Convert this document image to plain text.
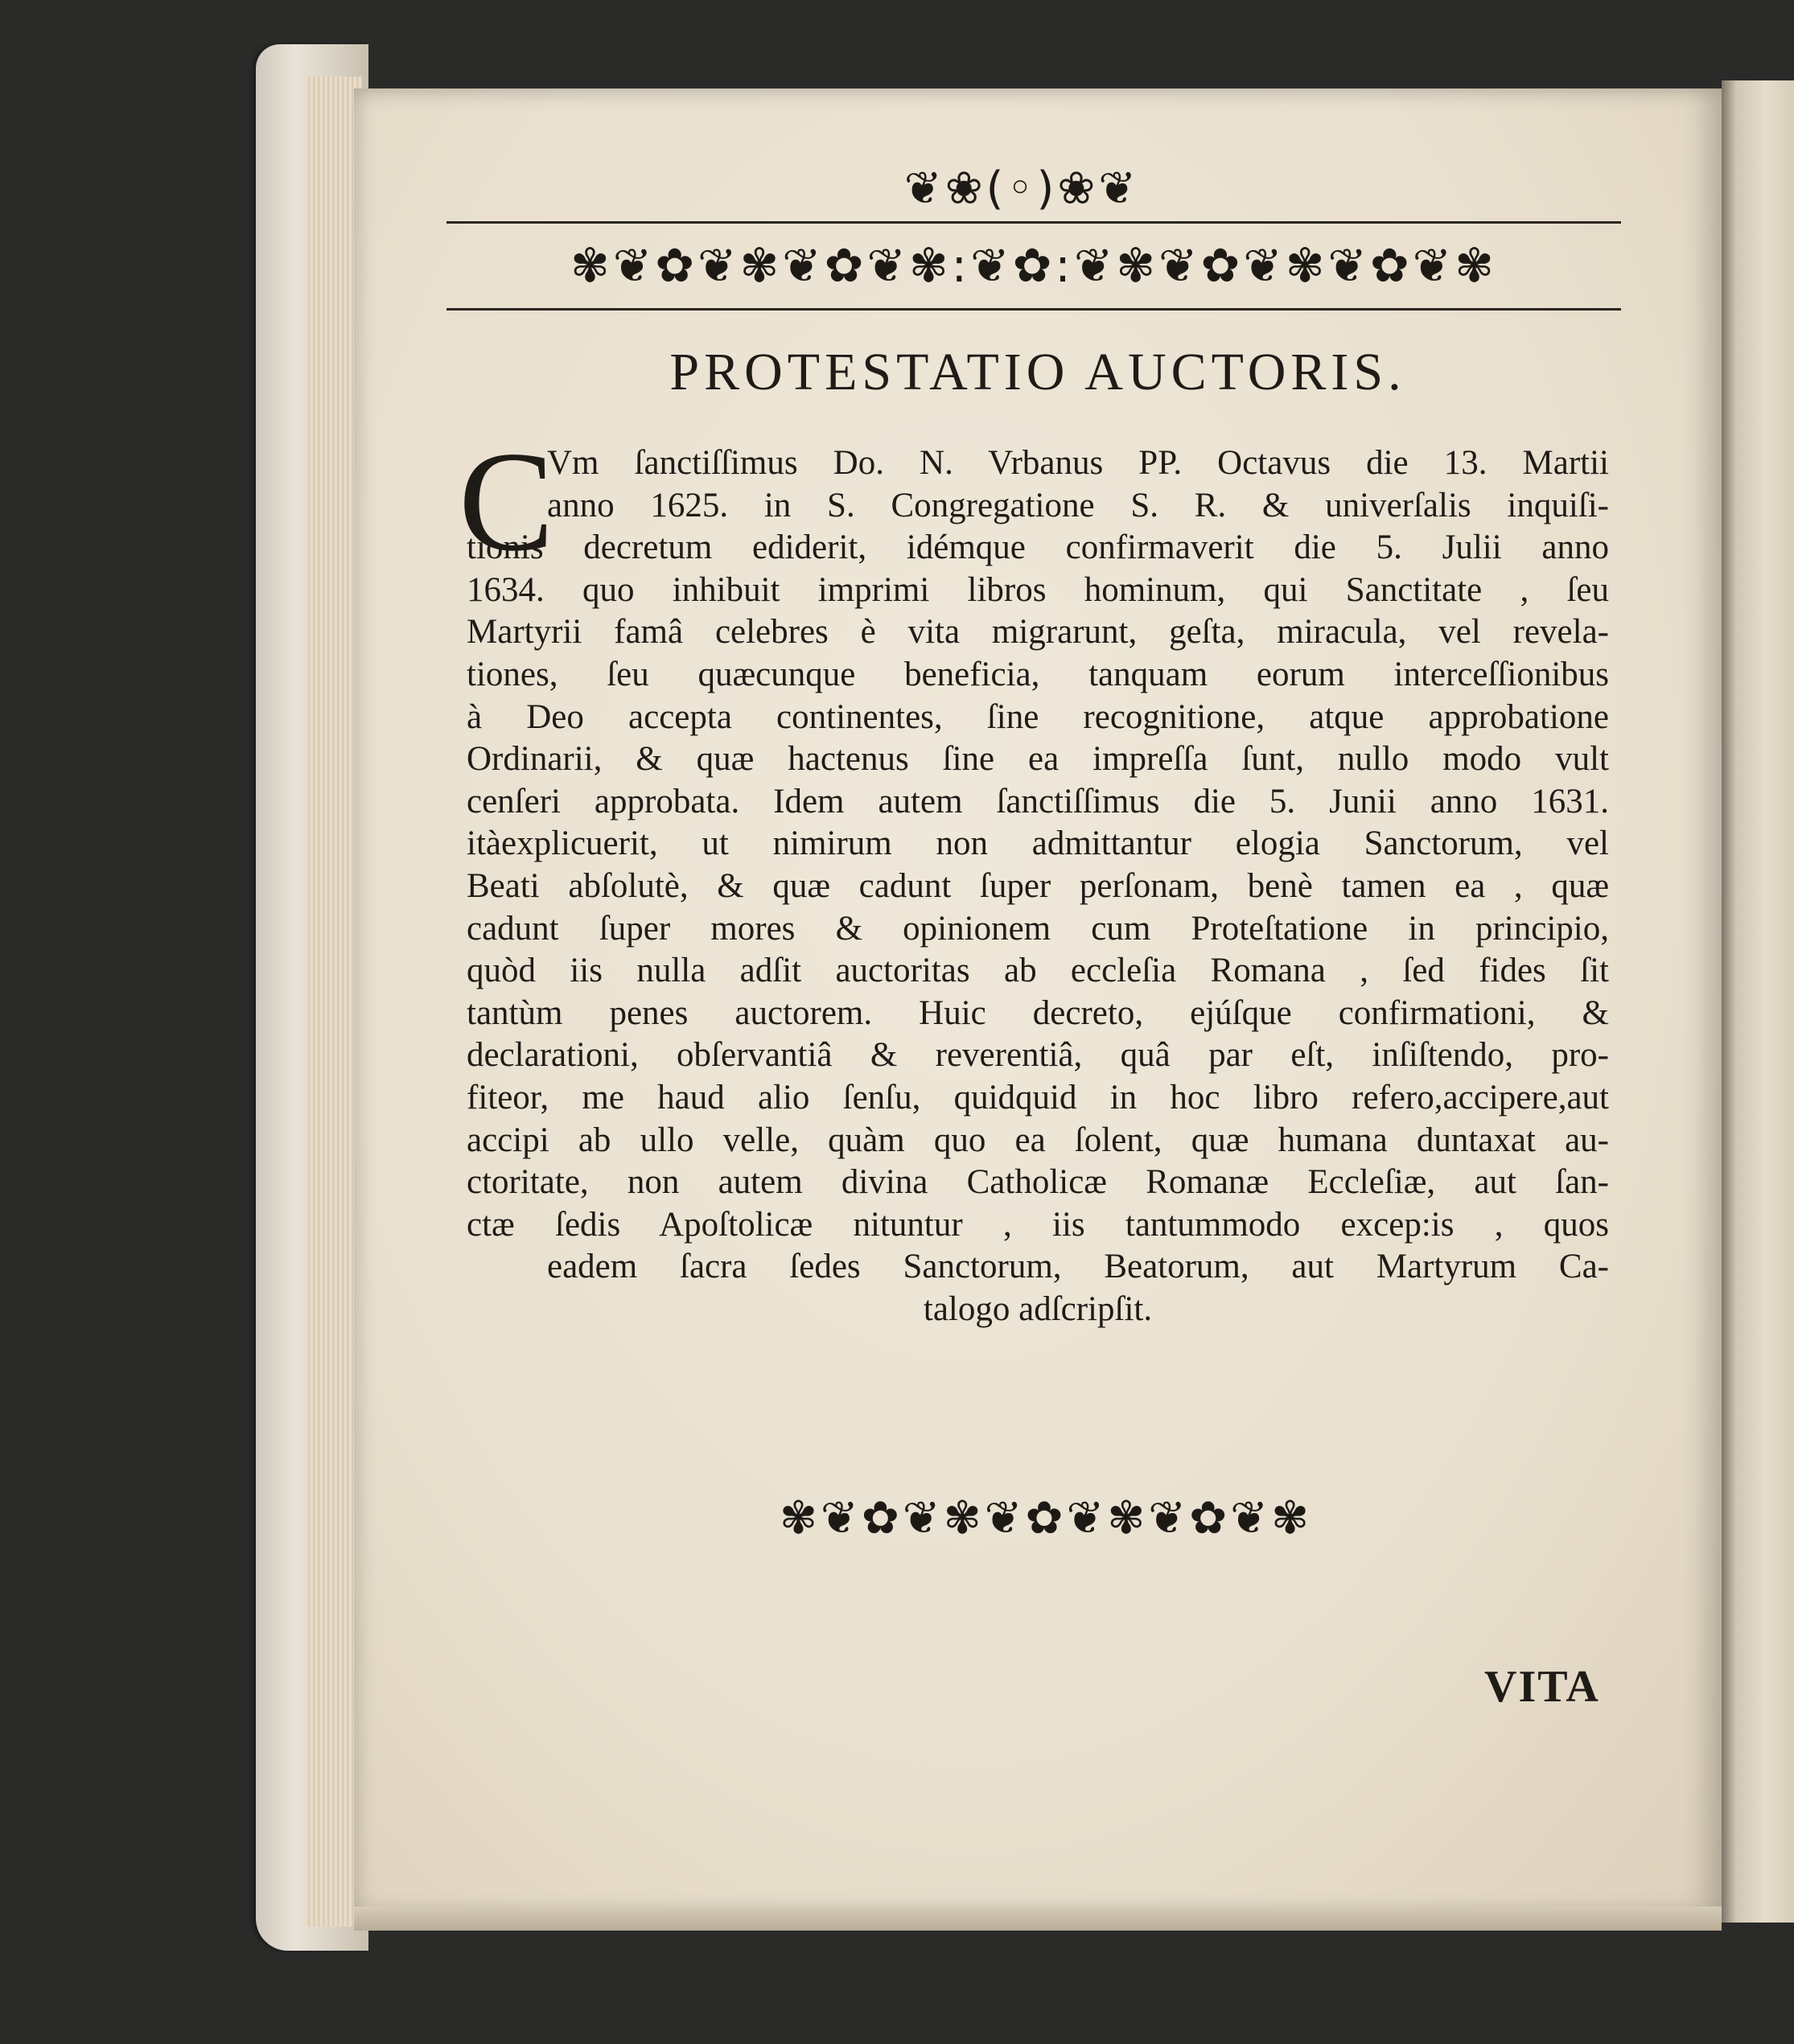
❦❀(◦)❀❦
✾❦✿❦✾❦✿❦✾:❦✿:❦✾❦✿❦✾❦✿❦✾
PROTESTATIO AUCTORIS.
C
Vm ſanctiſſimus Do. N. Vrbanus PP. Octavus die 13. Martii
anno 1625. in S. Congregatione S. R. & univerſalis inquiſi-
tionis decretum ediderit, idémque confirmaverit die 5. Julii anno
1634. quo inhibuit imprimi libros hominum, qui Sanctitate , ſeu
Martyrii famâ celebres è vita migrarunt, geſta, miracula, vel revela-
tiones, ſeu quæcunque beneficia, tanquam eorum interceſſionibus
à Deo accepta continentes, ſine recognitione, atque approbatione
Ordinarii, & quæ hactenus ſine ea impreſſa ſunt, nullo modo vult
cenſeri approbata. Idem autem ſanctiſſimus die 5. Junii anno 1631.
itàexplicuerit, ut nimirum non admittantur elogia Sanctorum, vel
Beati abſolutè, & quæ cadunt ſuper perſonam, benè tamen ea , quæ
cadunt ſuper mores & opinionem cum Proteſtatione in principio,
quòd iis nulla adſit auctoritas ab eccleſia Romana , ſed fides ſit
tantùm penes auctorem. Huic decreto, ejúſque confirmationi, &
declarationi, obſervantiâ & reverentiâ, quâ par eſt, inſiſtendo, pro-
fiteor, me haud alio ſenſu, quidquid in hoc libro refero,accipere,aut
accipi ab ullo velle, quàm quo ea ſolent, quæ humana duntaxat au-
ctoritate, non autem divina Catholicæ Romanæ Eccleſiæ, aut ſan-
ctæ ſedis Apoſtolicæ nituntur , iis tantummodo excep:is , quos
eadem ſacra ſedes Sanctorum, Beatorum, aut Martyrum Ca-
talogo adſcripſit.
✾❦✿❦✾❦✿❦✾❦✿❦✾
VITA
